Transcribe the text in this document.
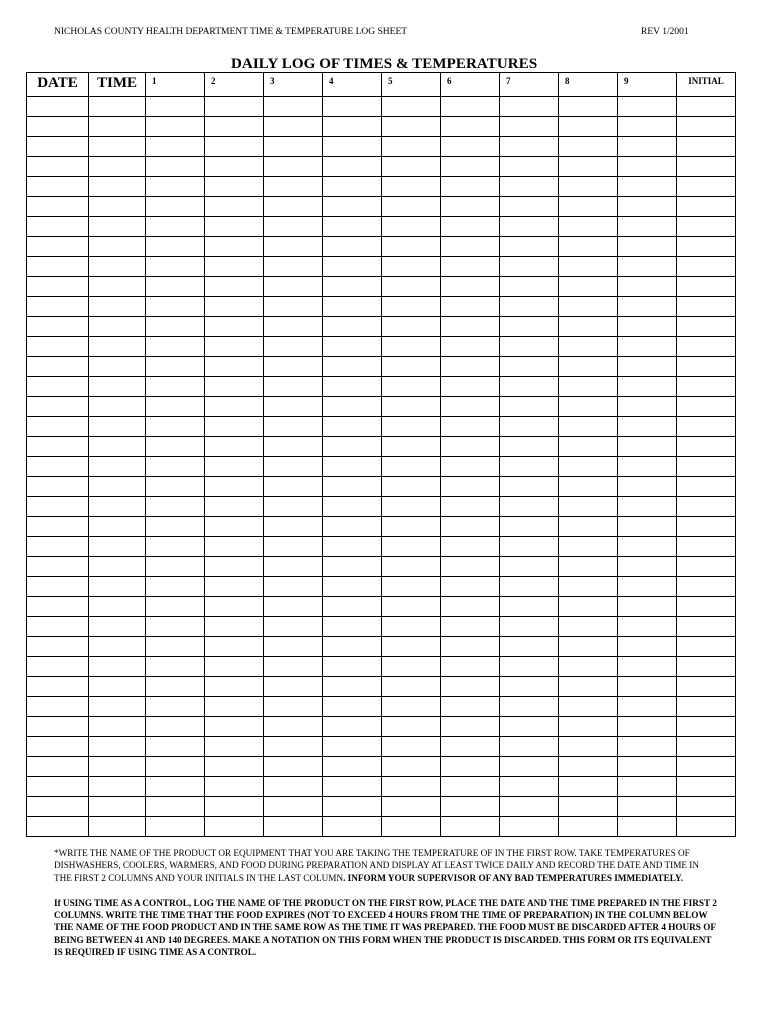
NICHOLAS COUNTY HEALTH DEPARTMENT TIME & TEMPERATURE LOG SHEET	REV 1/2001
DAILY LOG OF TIMES & TEMPERATURES
DATE	TIME	1	2	3	4	5	6	7	8	9	INITIAL

*WRITE THE NAME OF THE PRODUCT OR EQUIPMENT THAT YOU ARE TAKING THE TEMPERATURE OF IN THE FIRST ROW. TAKE TEMPERATURES OF DISHWASHERS, COOLERS, WARMERS, AND FOOD DURING PREPARATION AND DISPLAY AT LEAST TWICE DAILY AND RECORD THE DATE AND TIME IN THE FIRST 2 COLUMNS AND YOUR INITIALS IN THE LAST COLUMN. INFORM YOUR SUPERVISOR OF ANY BAD TEMPERATURES IMMEDIATELY.

If USING TIME AS A CONTROL, LOG THE NAME OF THE PRODUCT ON THE FIRST ROW, PLACE THE DATE AND THE TIME PREPARED IN THE FIRST 2 COLUMNS. WRITE THE TIME THAT THE FOOD EXPIRES (NOT TO EXCEED 4 HOURS FROM THE TIME OF PREPARATION) IN THE COLUMN BELOW THE NAME OF THE FOOD PRODUCT AND IN THE SAME ROW AS THE TIME IT WAS PREPARED. THE FOOD MUST BE DISCARDED AFTER 4 HOURS OF BEING BETWEEN 41 AND 140 DEGREES. MAKE A NOTATION ON THIS FORM WHEN THE PRODUCT IS DISCARDED. THIS FORM OR ITS EQUIVALENT IS REQUIRED IF USING TIME AS A CONTROL.
